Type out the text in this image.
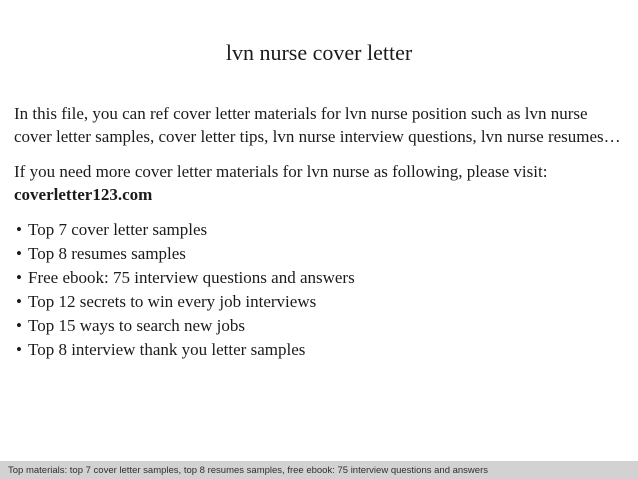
lvn nurse cover letter

In this file, you can ref cover letter materials for lvn nurse position such as lvn nurse cover letter samples, cover letter tips, lvn nurse interview questions, lvn nurse resumes…

If you need more cover letter materials for lvn nurse as following, please visit:
coverletter123.com

• Top 7 cover letter samples
• Top 8 resumes samples
• Free ebook: 75 interview questions and answers
• Top 12 secrets to win every job interviews
• Top 15 ways to search new jobs
• Top 8 interview thank you letter samples
Top materials: top 7 cover letter samples, top 8 resumes samples, free ebook: 75 interview questions and answers
